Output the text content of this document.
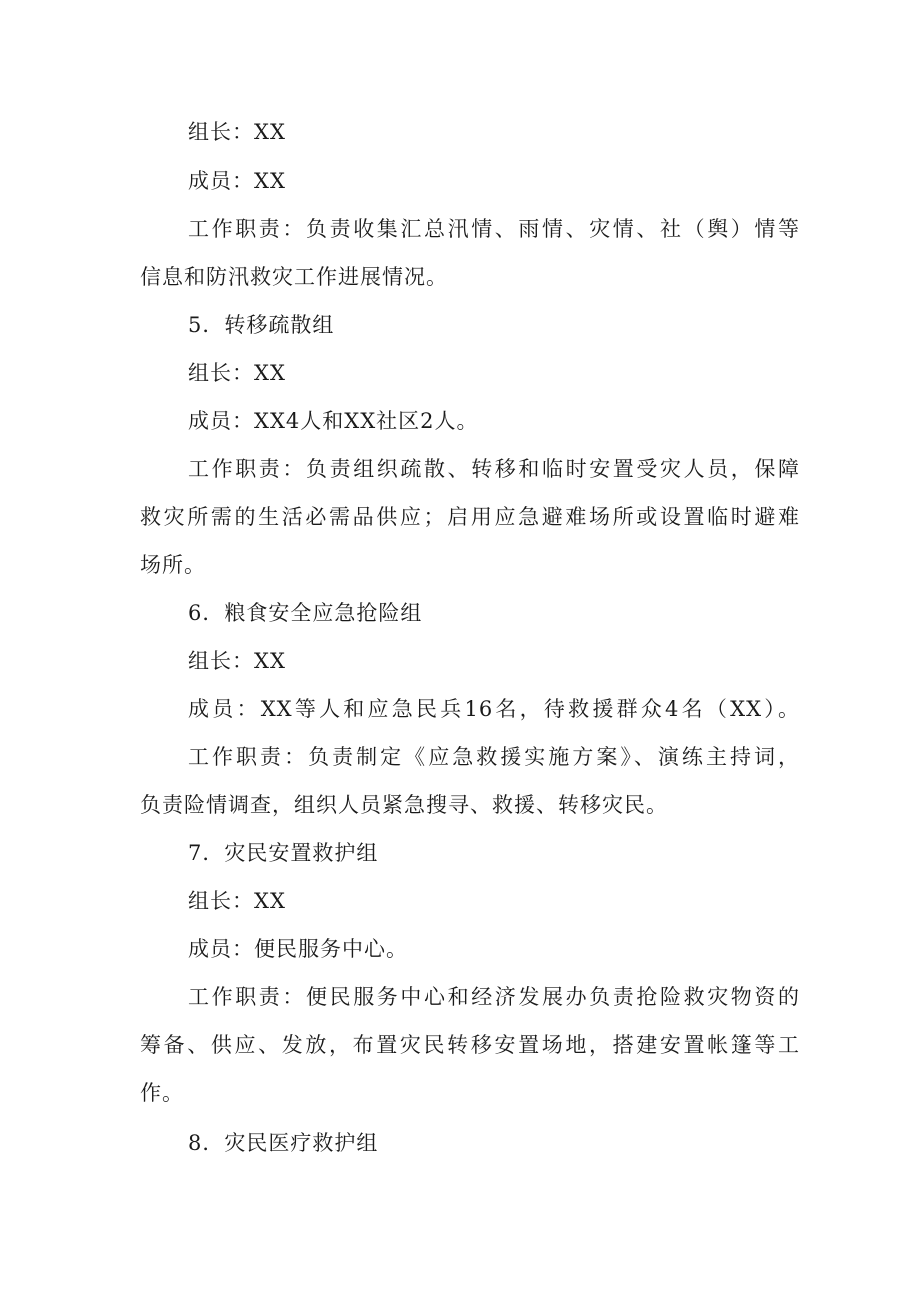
组长：XX

成员：XX

工作职责：负责收集汇总汛情、雨情、灾情、社（舆）情等

信息和防汛救灾工作进展情况。

5．转移疏散组

组长：XX

成员：XX4人和XX社区2人。

工作职责：负责组织疏散、转移和临时安置受灾人员，保障

救灾所需的生活必需品供应；启用应急避难场所或设置临时避难

场所。

6．粮食安全应急抢险组

组长：XX

成员：XX等人和应急民兵16名，待救援群众4名（XX）。

工作职责：负责制定《应急救援实施方案》、演练主持词，

负责险情调查，组织人员紧急搜寻、救援、转移灾民。

7．灾民安置救护组

组长：XX

成员：便民服务中心。

工作职责：便民服务中心和经济发展办负责抢险救灾物资的

筹备、供应、发放，布置灾民转移安置场地，搭建安置帐篷等工

作。

8．灾民医疗救护组
